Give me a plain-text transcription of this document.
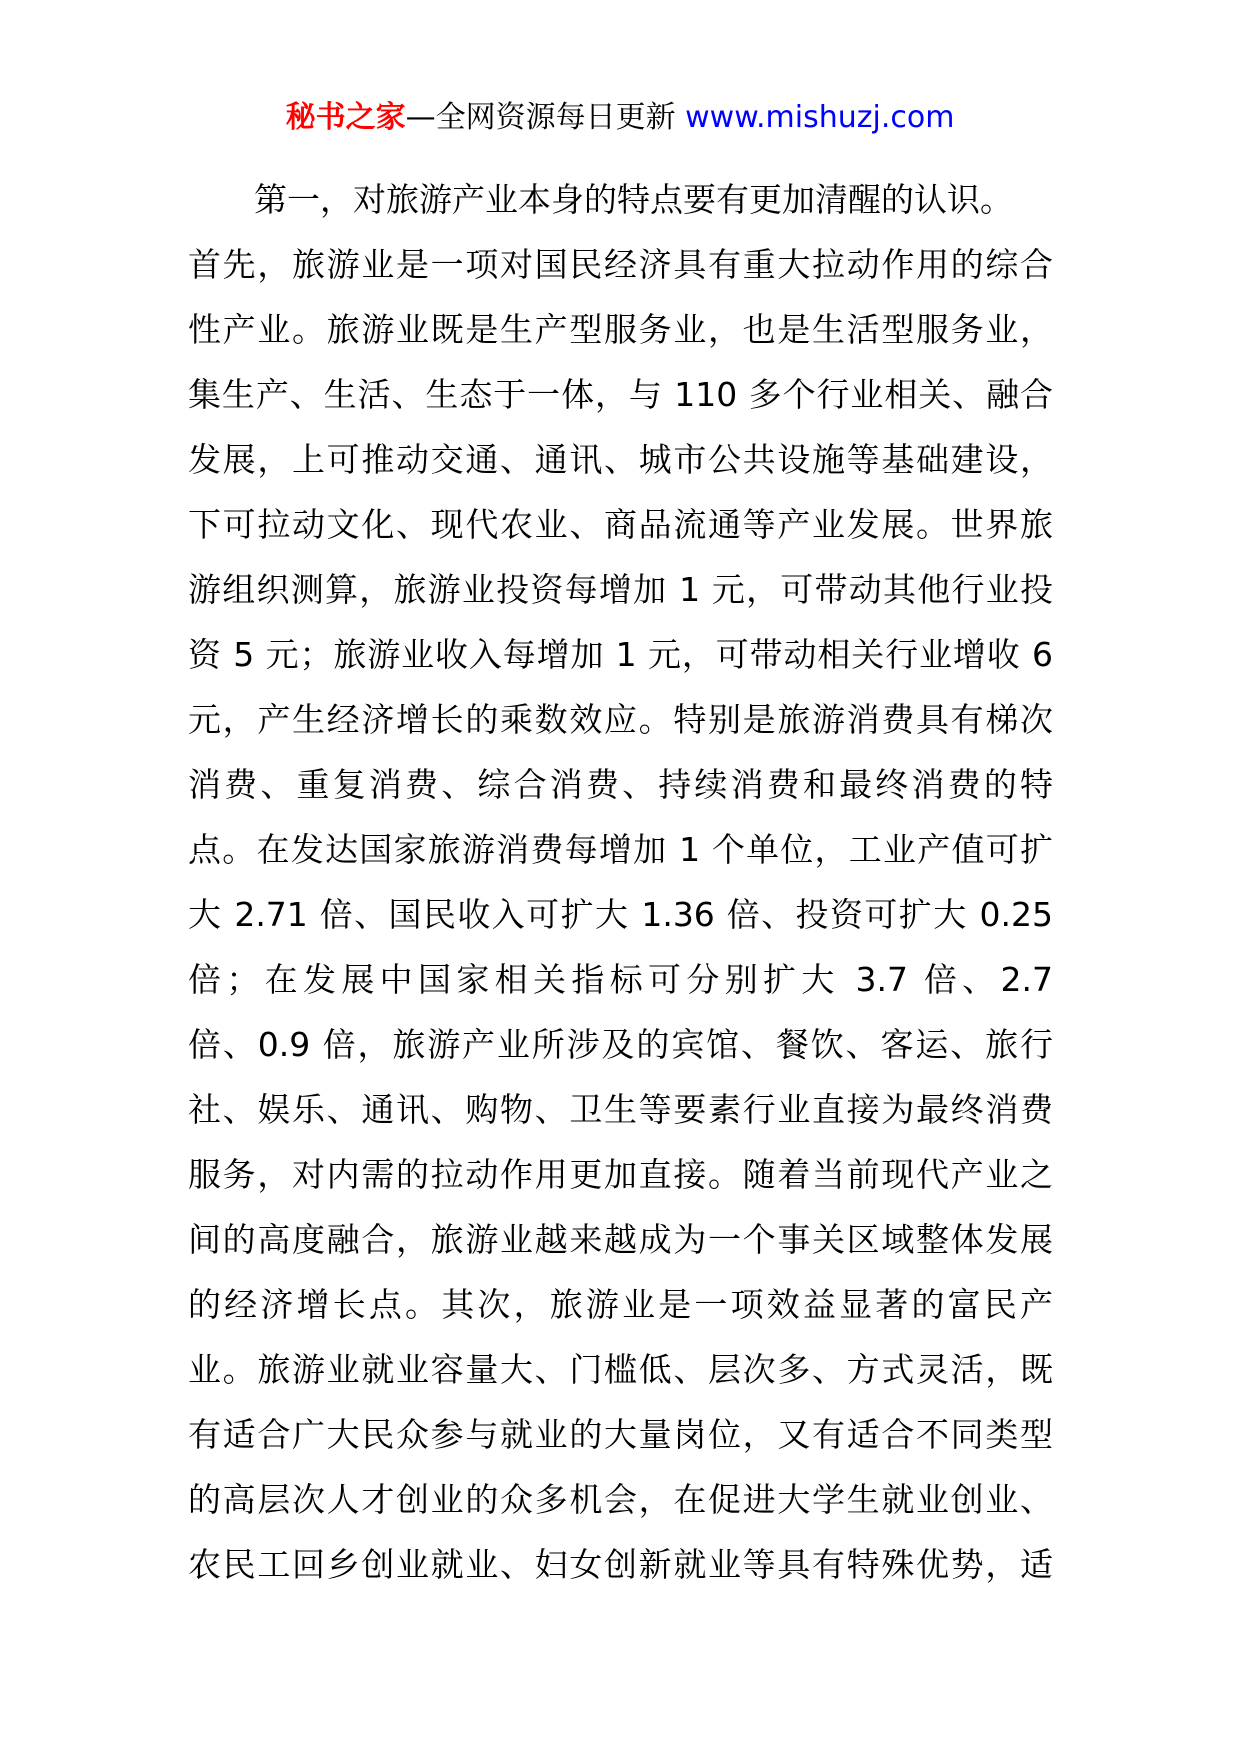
秘书之家—全网资源每日更新 www.mishuzj.com
第一，对旅游产业本身的特点要有更加清醒的认识。
首先，旅游业是一项对国民经济具有重大拉动作用的综合
性产业。旅游业既是生产型服务业，也是生活型服务业，
集生产、生活、生态于一体，与 110 多个行业相关、融合
发展，上可推动交通、通讯、城市公共设施等基础建设，
下可拉动文化、现代农业、商品流通等产业发展。世界旅
游组织测算，旅游业投资每增加 1 元，可带动其他行业投
资 5 元；旅游业收入每增加 1 元，可带动相关行业增收 6
元，产生经济增长的乘数效应。特别是旅游消费具有梯次
消费、重复消费、综合消费、持续消费和最终消费的特
点。在发达国家旅游消费每增加 1 个单位，工业产值可扩
大 2.71 倍、国民收入可扩大 1.36 倍、投资可扩大 0.25
倍；在发展中国家相关指标可分别扩大 3.7 倍、2.7
倍、0.9 倍，旅游产业所涉及的宾馆、餐饮、客运、旅行
社、娱乐、通讯、购物、卫生等要素行业直接为最终消费
服务，对内需的拉动作用更加直接。随着当前现代产业之
间的高度融合，旅游业越来越成为一个事关区域整体发展
的经济增长点。其次，旅游业是一项效益显著的富民产
业。旅游业就业容量大、门槛低、层次多、方式灵活，既
有适合广大民众参与就业的大量岗位，又有适合不同类型
的高层次人才创业的众多机会，在促进大学生就业创业、
农民工回乡创业就业、妇女创新就业等具有特殊优势，适
